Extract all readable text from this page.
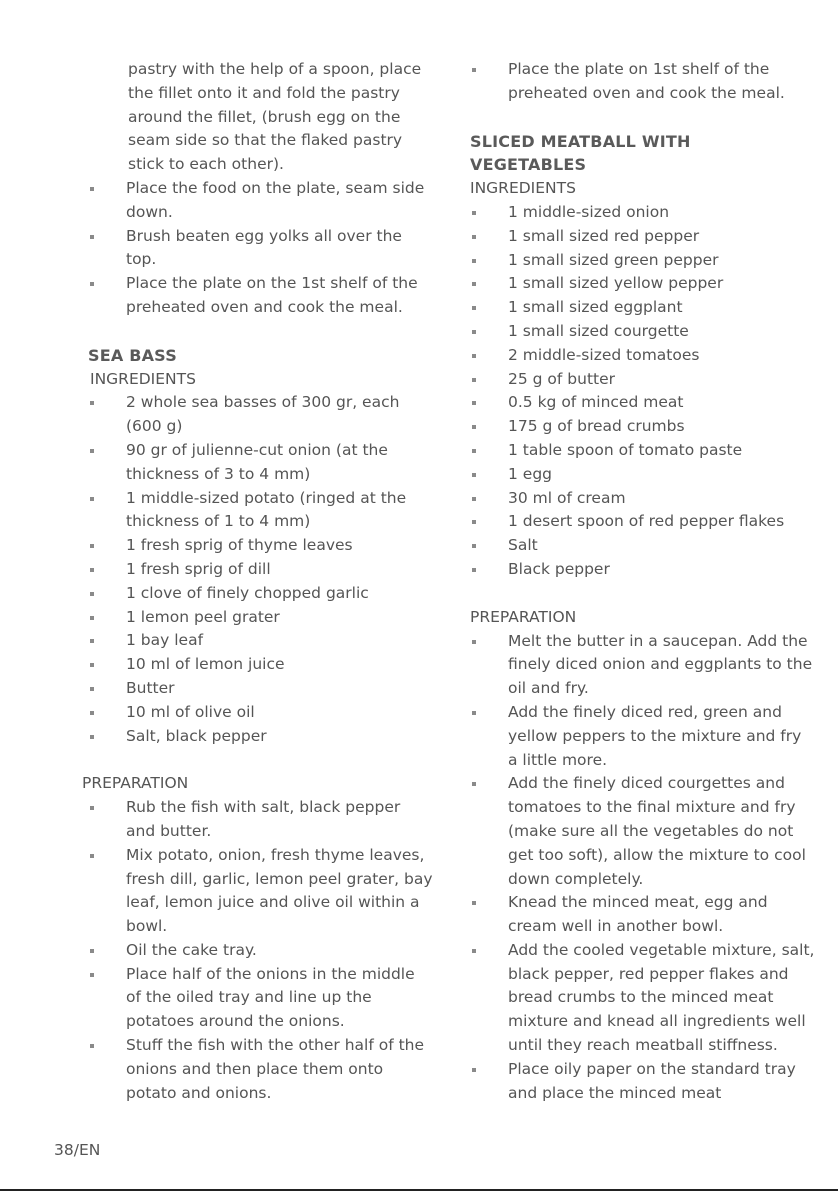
pastry with the help of a spoon, place the fillet onto it and fold the pastry around the fillet, (brush egg on the seam side so that the flaked pastry stick to each other).

Place the food on the plate, seam side down.

Brush beaten egg yolks all over the top.

Place the plate on the 1st shelf of the preheated oven and cook the meal.

SEA BASS

INGREDIENTS

2 whole sea basses of 300 gr, each (600 g)

90 gr of julienne-cut onion (at the thickness of 3 to 4 mm)

1 middle-sized potato (ringed at the thickness of 1 to 4 mm)

1 fresh sprig of thyme leaves

1 fresh sprig of dill

1 clove of finely chopped garlic

1 lemon peel grater

1 bay leaf

10 ml of lemon juice

Butter

10 ml of olive oil

Salt, black pepper

PREPARATION

Rub the fish with salt, black pepper and butter.

Mix potato, onion, fresh thyme leaves, fresh dill, garlic, lemon peel grater, bay leaf, lemon juice and olive oil within a bowl.

Oil the cake tray.

Place half of the onions in the middle of the oiled tray and line up the potatoes around the onions.

Stuff the fish with the other half of the onions and then place them onto potato and onions.

Place the plate on 1st shelf of the preheated oven and cook the meal.

SLICED MEATBALL WITH

VEGETABLES

INGREDIENTS

1 middle-sized onion

1 small sized red pepper

1 small sized green pepper

1 small sized yellow pepper

1 small sized eggplant

1 small sized courgette

2 middle-sized tomatoes

25 g of butter

0.5 kg of minced meat

175 g of bread crumbs

1 table spoon of tomato paste

1 egg

30 ml of cream

1 desert spoon of red pepper flakes

Salt

Black pepper

PREPARATION

Melt the butter in a saucepan. Add the finely diced onion and eggplants to the oil and fry.

Add the finely diced red, green and yellow peppers to the mixture and fry a little more.

Add the finely diced courgettes and tomatoes to the final mixture and fry (make sure all the vegetables do not get too soft), allow the mixture to cool down completely.

Knead the minced meat, egg and cream well in another bowl.

Add the cooled vegetable mixture, salt, black pepper, red pepper flakes and bread crumbs to the minced meat mixture and knead all ingredients well until they reach meatball stiffness.

Place oily paper on the standard tray and place the minced meat

38/EN
